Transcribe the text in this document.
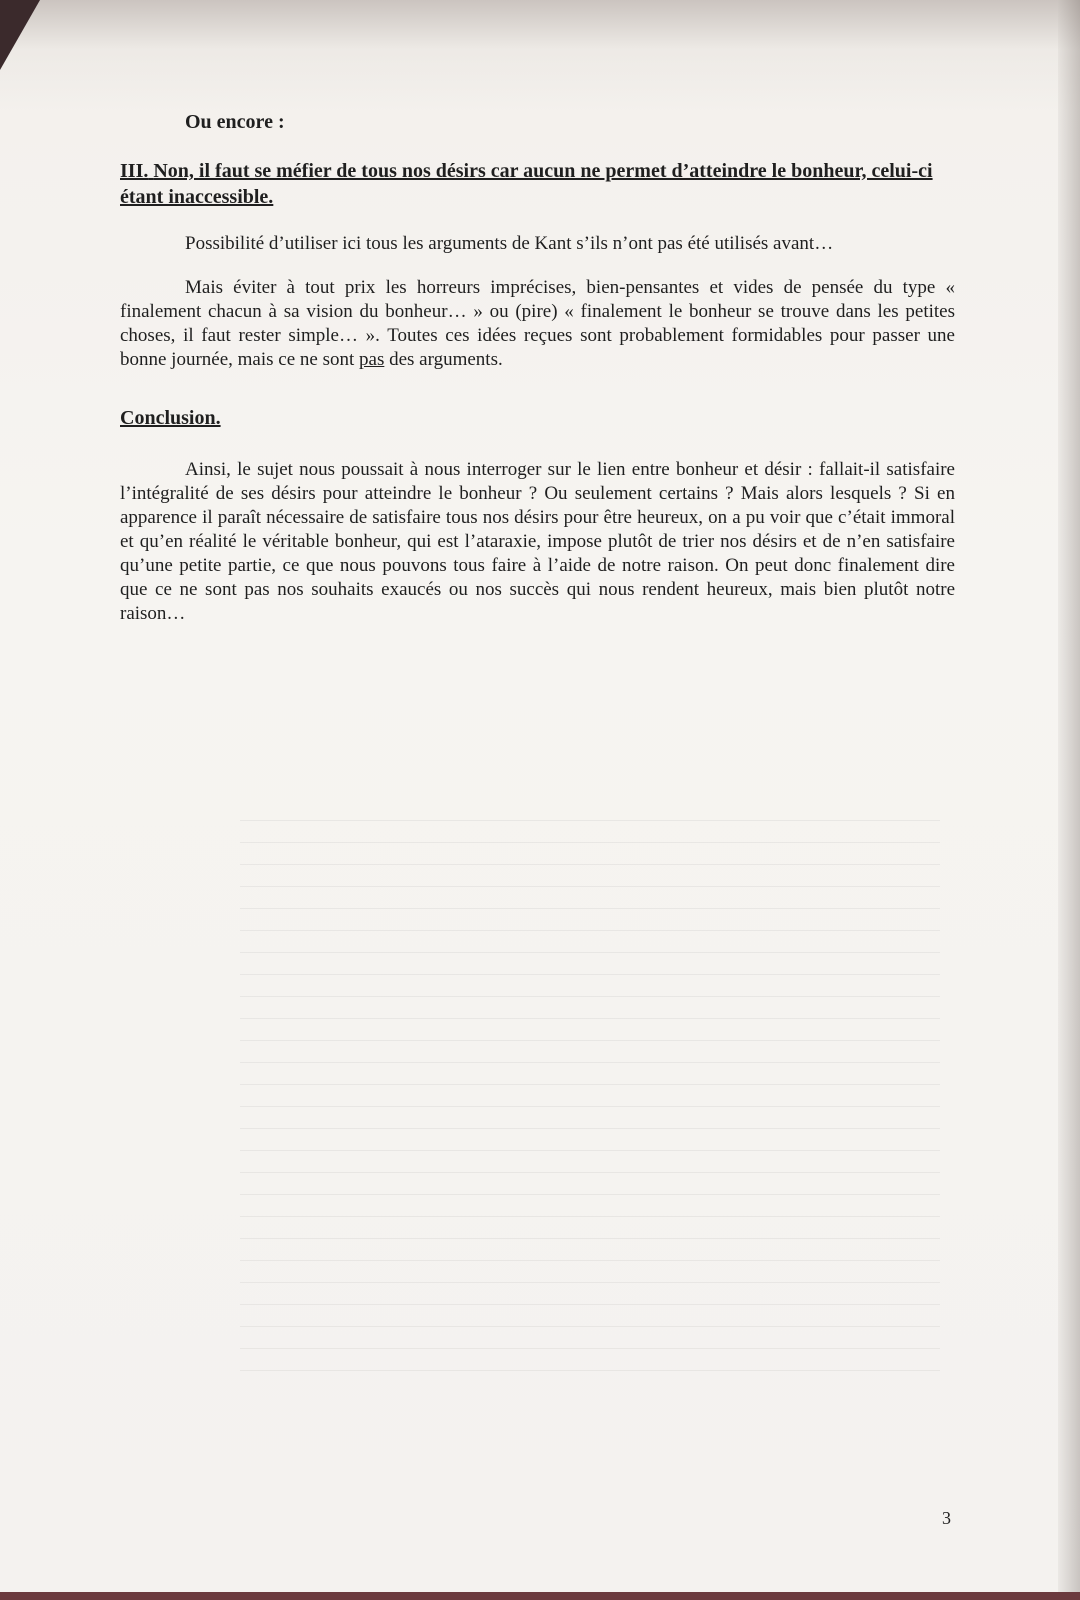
Ou encore :
III. Non, il faut se méfier de tous nos désirs car aucun ne permet d’atteindre le bonheur, celui-ci étant inaccessible.

Possibilité d’utiliser ici tous les arguments de Kant s’ils n’ont pas été utilisés avant…

Mais éviter à tout prix les horreurs imprécises, bien-pensantes et vides de pensée du type « finalement chacun à sa vision du bonheur… » ou (pire) « finalement le bonheur se trouve dans les petites choses, il faut rester simple… ». Toutes ces idées reçues sont probablement formidables pour passer une bonne journée, mais ce ne sont pas des arguments.

Conclusion.

Ainsi, le sujet nous poussait à nous interroger sur le lien entre bonheur et désir : fallait-il satisfaire l’intégralité de ses désirs pour atteindre le bonheur ? Ou seulement certains ? Mais alors lesquels ? Si en apparence il paraît nécessaire de satisfaire tous nos désirs pour être heureux, on a pu voir que c’était immoral et qu’en réalité le véritable bonheur, qui est l’ataraxie, impose plutôt de trier nos désirs et de n’en satisfaire qu’une petite partie, ce que nous pouvons tous faire à l’aide de notre raison. On peut donc finalement dire que ce ne sont pas nos souhaits exaucés ou nos succès qui nous rendent heureux, mais bien plutôt notre raison…

3
